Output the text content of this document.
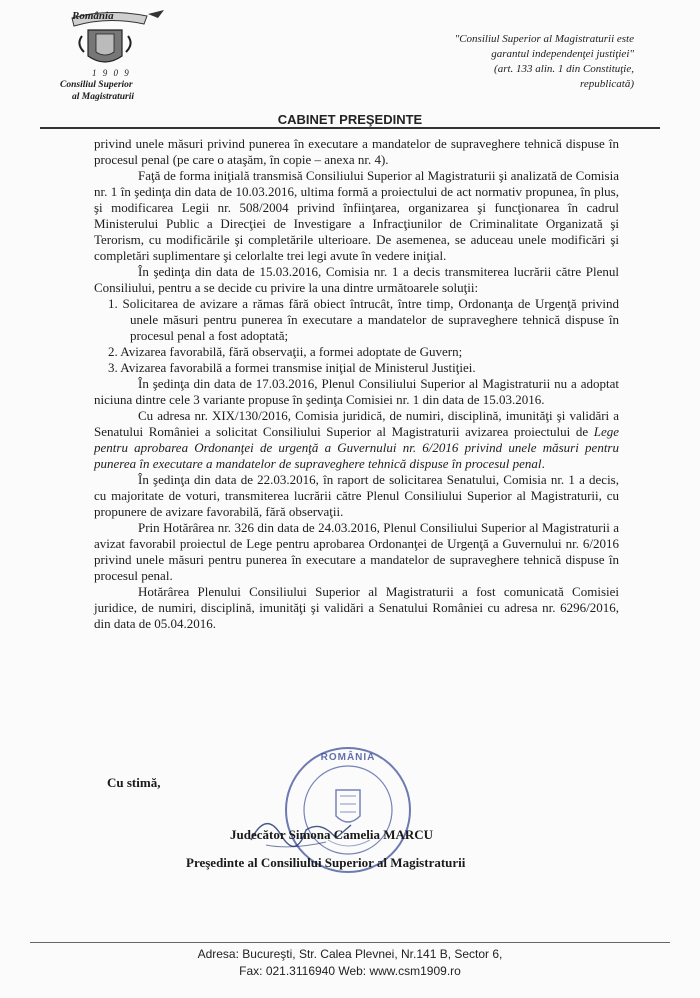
România
1 9 0 9
Consiliul Superior
al Magistraturii
"Consiliul Superior al Magistraturii este
garantul independenţei justiţiei"
(art. 133 alin. 1 din Constituţie,
republicată)
CABINET PREŞEDINTE

privind unele măsuri privind punerea în executare a mandatelor de supraveghere tehnică dispuse în procesul penal (pe care o ataşăm, în copie – anexa nr. 4).

Faţă de forma iniţială transmisă Consiliului Superior al Magistraturii şi analizată de Comisia nr. 1 în şedinţa din data de 10.03.2016, ultima formă a proiectului de act normativ propunea, în plus, şi modificarea Legii nr. 508/2004 privind înfiinţarea, organizarea şi funcţionarea în cadrul Ministerului Public a Direcţiei de Investigare a Infracţiunilor de Criminalitate Organizată şi Terorism, cu modificările şi completările ulterioare. De asemenea, se aduceau unele modificări şi completări suplimentare şi celorlalte trei legi avute în vedere iniţial.

În şedinţa din data de 15.03.2016, Comisia nr. 1 a decis transmiterea lucrării către Plenul Consiliului, pentru a se decide cu privire la una dintre următoarele soluţii:

1. Solicitarea de avizare a rămas fără obiect întrucât, între timp, Ordonanţa de Urgenţă privind unele măsuri pentru punerea în executare a mandatelor de supraveghere tehnică dispuse în procesul penal a fost adoptată;
2. Avizarea favorabilă, fără observaţii, a formei adoptate de Guvern;
3. Avizarea favorabilă a formei transmise iniţial de Ministerul Justiţiei.

În şedinţa din data de 17.03.2016, Plenul Consiliului Superior al Magistraturii nu a adoptat niciuna dintre cele 3 variante propuse în şedinţa Comisiei nr. 1 din data de 15.03.2016.

Cu adresa nr. XIX/130/2016, Comisia juridică, de numiri, disciplină, imunităţi şi validări a Senatului României a solicitat Consiliului Superior al Magistraturii avizarea proiectului de Lege pentru aprobarea Ordonanţei de urgenţă a Guvernului nr. 6/2016 privind unele măsuri pentru punerea în executare a mandatelor de supraveghere tehnică dispuse în procesul penal.

În şedinţa din data de 22.03.2016, în raport de solicitarea Senatului, Comisia nr. 1 a decis, cu majoritate de voturi, transmiterea lucrării către Plenul Consiliului Superior al Magistraturii, cu propunere de avizare favorabilă, fără observaţii.

Prin Hotărârea nr. 326 din data de 24.03.2016, Plenul Consiliului Superior al Magistraturii a avizat favorabil proiectul de Lege pentru aprobarea Ordonanţei de Urgenţă a Guvernului nr. 6/2016 privind unele măsuri pentru punerea în executare a mandatelor de supraveghere tehnică dispuse în procesul penal.

Hotărârea Plenului Consiliului Superior al Magistraturii a fost comunicată Comisiei juridice, de numiri, disciplină, imunităţi şi validări a Senatului României cu adresa nr. 6296/2016, din data de 05.04.2016.

Cu stimă,
ROMÂNIA
Judecător Simona Camelia MARCU
Preşedinte al Consiliului Superior al Magistraturii
Adresa: Bucureşti, Str. Calea Plevnei, Nr.141 B, Sector 6,
Fax: 021.3116940 Web: www.csm1909.ro
